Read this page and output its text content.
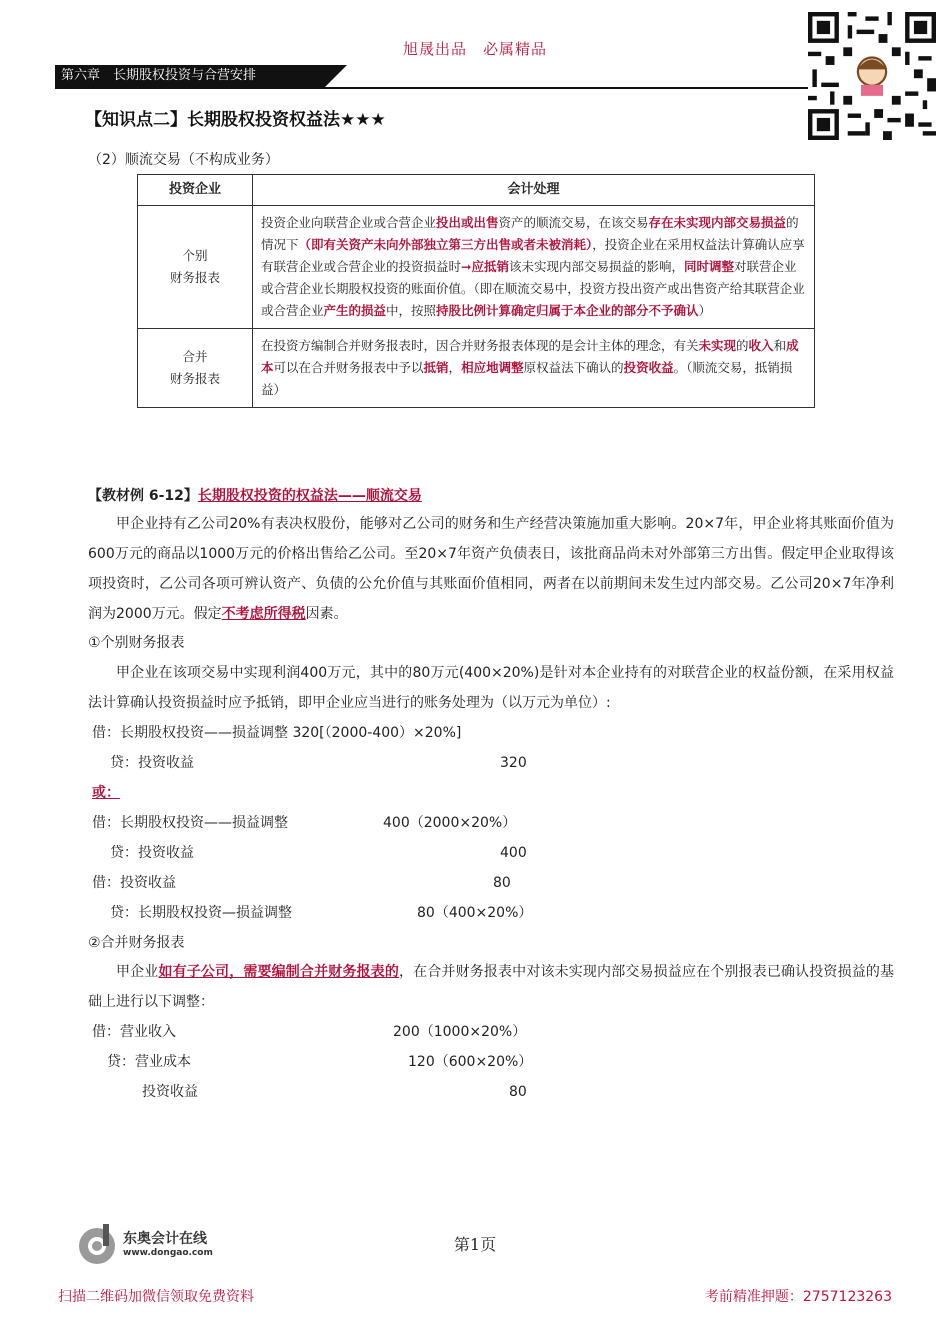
旭晟出品　必属精品
第六章　长期股权投资与合营安排
【知识点二】长期股权投资权益法★★★
（2）顺流交易（不构成业务）
投资企业	会计处理
个别
财务报表	投资企业向联营企业或合营企业投出或出售资产的顺流交易，在该交易存在未实现内部交易损益的情况下（即有关资产未向外部独立第三方出售或者未被消耗），投资企业在采用权益法计算确认应享有联营企业或合营企业的投资损益时➞应抵销该未实现内部交易损益的影响，同时调整对联营企业或合营企业长期股权投资的账面价值。（即在顺流交易中，投资方投出资产或出售资产给其联营企业或合营企业产生的损益中，按照持股比例计算确定归属于本企业的部分不予确认）
合并
财务报表	在投资方编制合并财务报表时，因合并财务报表体现的是会计主体的理念，有关未实现的收入和成本可以在合并财务报表中予以抵销，相应地调整原权益法下确认的投资收益。（顺流交易，抵销损益）
【教材例 6-12】长期股权投资的权益法——顺流交易
甲企业持有乙公司20%有表决权股份，能够对乙公司的财务和生产经营决策施加重大影响。20×7年，甲企业将其账面价值为600万元的商品以1000万元的价格出售给乙公司。至20×7年资产负债表日，该批商品尚未对外部第三方出售。假定甲企业取得该项投资时，乙公司各项可辨认资产、负债的公允价值与其账面价值相同，两者在以前期间未发生过内部交易。乙公司20×7年净利润为2000万元。假定不考虑所得税因素。
①个别财务报表
甲企业在该项交易中实现利润400万元，其中的80万元(400×20%)是针对本企业持有的对联营企业的权益份额，在采用权益法计算确认投资损益时应予抵销，即甲企业应当进行的账务处理为（以万元为单位）:
借：长期股权投资——损益调整 320[（2000-400）×20%]
贷：投资收益	320
或：
借：长期股权投资——损益调整	400（2000×20%）
贷：投资收益	400
借：投资收益	80
贷：长期股权投资—损益调整	80（400×20%）
②合并财务报表
甲企业如有子公司，需要编制合并财务报表的，在合并财务报表中对该未实现内部交易损益应在个别报表已确认投资损益的基础上进行以下调整：
借：营业收入	200（1000×20%）
贷：营业成本	120（600×20%）
投资收益	80
东奥会计在线
www.dongao.com	第1页
扫描二维码加微信领取免费资料	考前精准押题：2757123263
